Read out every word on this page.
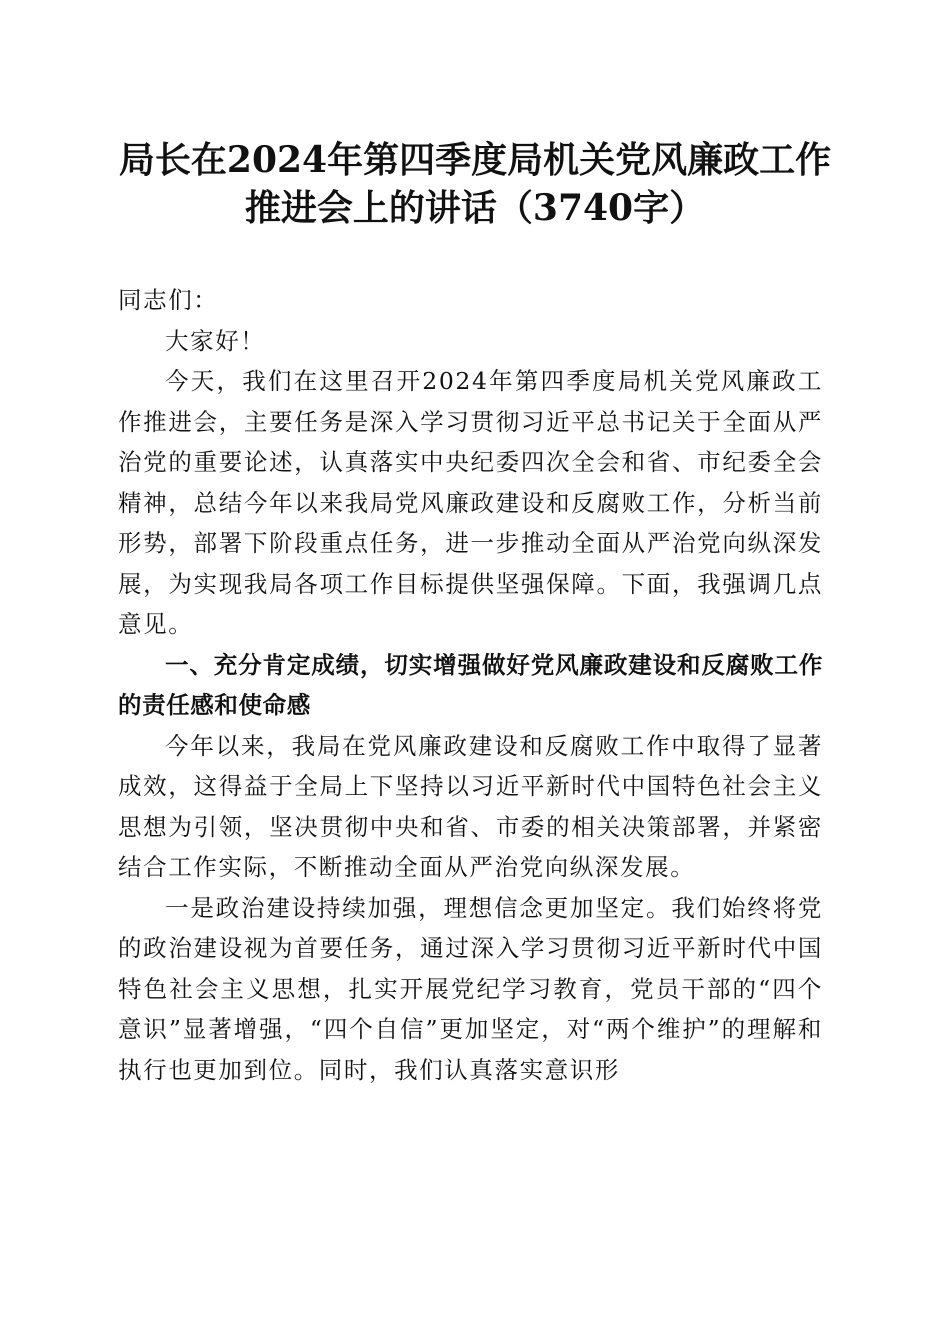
局长在2024年第四季度局机关党风廉政工作
推进会上的讲话（3740字）

同志们：

大家好！

今天，我们在这里召开2024年第四季度局机关党风廉政工作推进会，主要任务是深入学习贯彻习近平总书记关于全面从严治党的重要论述，认真落实中央纪委四次全会和省、市纪委全会精神，总结今年以来我局党风廉政建设和反腐败工作，分析当前形势，部署下阶段重点任务，进一步推动全面从严治党向纵深发展，为实现我局各项工作目标提供坚强保障。下面，我强调几点意见。

一、充分肯定成绩，切实增强做好党风廉政建设和反腐败工作的责任感和使命感

今年以来，我局在党风廉政建设和反腐败工作中取得了显著成效，这得益于全局上下坚持以习近平新时代中国特色社会主义思想为引领，坚决贯彻中央和省、市委的相关决策部署，并紧密结合工作实际，不断推动全面从严治党向纵深发展。

一是政治建设持续加强，理想信念更加坚定。我们始终将党的政治建设视为首要任务，通过深入学习贯彻习近平新时代中国特色社会主义思想，扎实开展党纪学习教育，党员干部的“四个意识”显著增强，“四个自信”更加坚定，对“两个维护”的理解和执行也更加到位。同时，我们认真落实意识形
